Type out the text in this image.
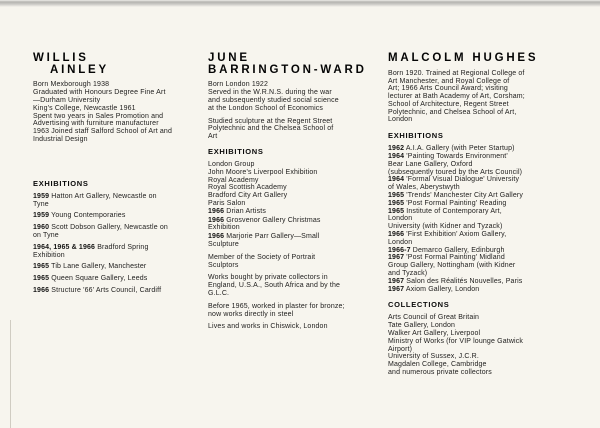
WILLIS
AINLEY
Born Mexborough 1938
Graduated with Honours Degree Fine Art
—Durham University
King's College, Newcastle 1961
Spent two years in Sales Promotion and
Advertising with furniture manufacturer
1963 Joined staff Salford School of Art and
Industrial Design
EXHIBITIONS
1959 Hatton Art Gallery, Newcastle on
Tyne
1959 Young Contemporaries
1960 Scott Dobson Gallery, Newcastle on
on Tyne
1964, 1965 & 1966 Bradford Spring
Exhibition
1965 Tib Lane Gallery, Manchester
1965 Queen Square Gallery, Leeds
1966 Structure '66' Arts Council, Cardiff
JUNE
BARRINGTON-WARD
Born London 1922
Served in the W.R.N.S. during the war
and subsequently studied social science
at the London School of Economics
Studied sculpture at the Regent Street
Polytechnic and the Chelsea School of
Art
EXHIBITIONS
London Group
John Moore's Liverpool Exhibition
Royal Academy
Royal Scottish Academy
Bradford City Art Gallery
Paris Salon
1966 Drian Artists
1966 Grosvenor Gallery Christmas
Exhibition
1966 Marjorie Parr Gallery—Small
Sculpture
Member of the Society of Portrait
Sculptors
Works bought by private collectors in
England, U.S.A., South Africa and by the
G.L.C.
Before 1965, worked in plaster for bronze;
now works directly in steel
Lives and works in Chiswick, London
MALCOLM HUGHES
Born 1920. Trained at Regional College of
Art Manchester, and Royal College of
Art; 1966 Arts Council Award; visiting
lecturer at Bath Academy of Art, Corsham;
School of Architecture, Regent Street
Polytechnic, and Chelsea School of Art,
London
EXHIBITIONS
1962 A.I.A. Gallery (with Peter Startup)
1964 'Painting Towards Environment'
Bear Lane Gallery, Oxford
(subsequently toured by the Arts Council)
1964 'Formal Visual Dialogue' University
of Wales, Aberystwyth
1965 'Trends' Manchester City Art Gallery
1965 'Post Formal Painting' Reading
1965 Institute of Contemporary Art,
London
University (with Kidner and Tyzack)
1966 'First Exhibition' Axiom Gallery,
London
1966-7 Demarco Gallery, Edinburgh
1967 'Post Formal Painting' Midland
Group Gallery, Nottingham (with Kidner
and Tyzack)
1967 Salon des Réalités Nouvelles, Paris
1967 Axiom Gallery, London
COLLECTIONS
Arts Council of Great Britain
Tate Gallery, London
Walker Art Gallery, Liverpool
Ministry of Works (for VIP lounge Gatwick
Airport)
University of Sussex, J.C.R.
Magdalen College, Cambridge
and numerous private collectors
